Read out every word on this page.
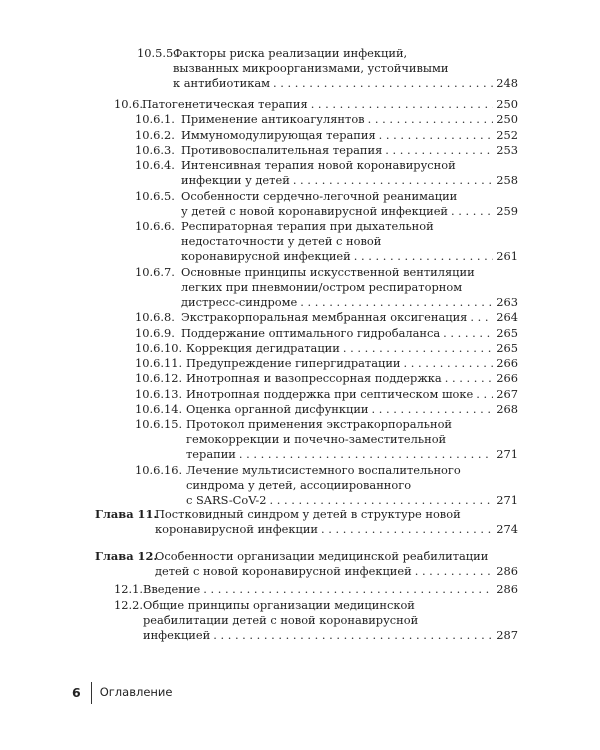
10.5.5.
Факторы риска реализации инфекций,
вызванных микроорганизмами, устойчивыми
к антибиотикам . . .	248
10.6. Патогенетическая терапия . . .	250
10.6.1. Применение антикоагулянтов . . .	250
10.6.2. Иммуномодулирующая терапия . . .	252
10.6.3. Противовоспалительная терапия . . .	253
10.6.4. Интенсивная терапия новой коронавирусной
инфекции у детей . . .	258
10.6.5. Особенности сердечно-легочной реанимации
у детей с новой коронавирусной инфекцией . . .	259
10.6.6. Респираторная терапия при дыхательной
недостаточности у детей с новой
коронавирусной инфекцией . . .	261
10.6.7. Основные принципы искусственной вентиляции
легких при пневмонии/остром респираторном
дистресс-синдроме . . .	263
10.6.8. Экстракорпоральная мембранная оксигенация . . .	264
10.6.9. Поддержание оптимального гидробаланса . . .	265
10.6.10. Коррекция дегидратации . . .	265
10.6.11. Предупреждение гипергидратации . . .	266
10.6.12. Инотропная и вазопрессорная поддержка . . .	266
10.6.13. Инотропная поддержка при септическом шоке . . . 267
10.6.14. Оценка органной дисфункции . . .	268
10.6.15. Протокол применения экстракорпоральной
гемокоррекции и почечно-заместительной
терапии . . .	271
10.6.16. Лечение мультисистемного воспалительного
синдрома у детей, ассоциированного
с SARS-CoV-2 . . .	271
Глава 11.
Постковидный синдром у детей в структуре новой
коронавирусной инфекции . . .	274
Глава 12.
Особенности организации медицинской реабилитации
детей с новой коронавирусной инфекцией . . .	286
12.1. Введение . . .	286
12.2. Общие принципы организации медицинской
реабилитации детей с новой коронавирусной
инфекцией . . .	287
6 Оглавление
